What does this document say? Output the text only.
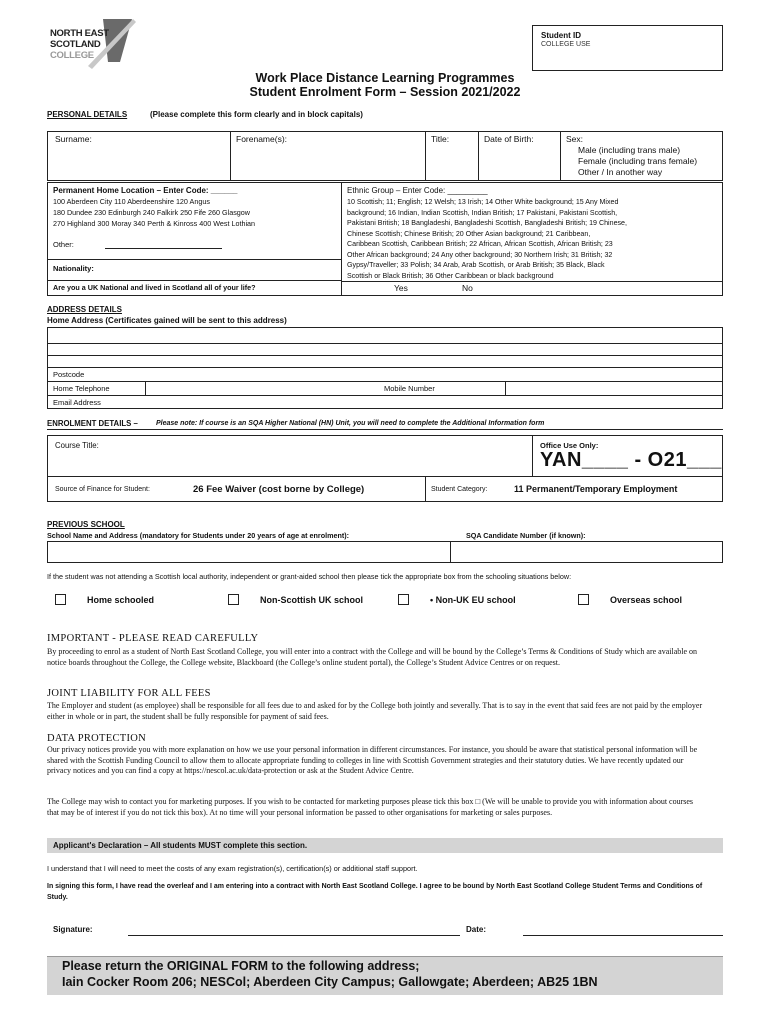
NORTH EAST
SCOTLAND
COLLEGE
Student ID
COLLEGE USE
Work Place Distance Learning Programmes
Student Enrolment Form – Session 2021/2022
PERSONAL DETAILS	(Please complete this form clearly and in block capitals)
Surname:	Forename(s):	Title:	Date of Birth:	Sex:
Male (including trans male)
Female (including trans female)
Other / In another way
Permanent Home Location – Enter Code: ______
100 Aberdeen City 110 Aberdeenshire 120 Angus
180 Dundee 230 Edinburgh 240 Falkirk 250 Fife 260 Glasgow
270 Highland 300 Moray 340 Perth & Kinross 400 West Lothian
Other:
Nationality:
Are you a UK National and lived in Scotland all of your life?
Ethnic Group – Enter Code: _________
10 Scottish; 11; English; 12 Welsh; 13 Irish; 14 Other White background; 15 Any Mixed
background; 16 Indian, Indian Scottish, Indian British; 17 Pakistani, Pakistani Scottish,
Pakistani British; 18 Bangladeshi, Bangladeshi Scottish, Bangladeshi British; 19 Chinese,
Chinese Scottish; Chinese British; 20 Other Asian background; 21 Caribbean,
Caribbean Scottish, Caribbean British; 22 African, African Scottish, African British; 23
Other African background; 24 Any other background; 30 Northern Irish; 31 British; 32
Gypsy/Traveller; 33 Polish; 34 Arab, Arab Scottish, or Arab British; 35 Black, Black
Scottish or Black British; 36 Other Caribbean or black background
Yes	No
ADDRESS DETAILS
Home Address (Certificates gained will be sent to this address)
Postcode
Home Telephone	Mobile Number
Email Address
ENROLMENT DETAILS –	Please note: If course is an SQA Higher National (HN) Unit, you will need to complete the Additional Information form
Course Title:	Office Use Only:
YAN____ - O21___
Source of Finance for Student:	26 Fee Waiver (cost borne by College)	Student Category:	11 Permanent/Temporary Employment
PREVIOUS SCHOOL
School Name and Address (mandatory for Students under 20 years of age at enrolment):	SQA Candidate Number (if known):
If the student was not attending a Scottish local authority, independent or grant-aided school then please tick the appropriate box from the schooling situations below:
Home schooled	Non-Scottish UK school	• Non-UK EU school	Overseas school
IMPORTANT - PLEASE READ CAREFULLY
By proceeding to enrol as a student of North East Scotland College, you will enter into a contract with the College and will be bound by the College’s Terms & Conditions of Study which are available on notice boards throughout the College, the College website, Blackboard (the College’s online student portal), the College’s Student Advice Centres or on request.
JOINT LIABILITY FOR ALL FEES
The Employer and student (as employee) shall be responsible for all fees due to and asked for by the College both jointly and severally. That is to say in the event that said fees are not paid by the employer either in whole or in part, the student shall be fully responsible for payment of said fees.
DATA PROTECTION
Our privacy notices provide you with more explanation on how we use your personal information in different circumstances. For instance, you should be aware that statistical personal information will be shared with the Scottish Funding Council to allow them to allocate appropriate funding to colleges in line with Scottish Government strategies and their statutory duties. We have recently updated our privacy notices and you can find a copy at https://nescol.ac.uk/data-protection or ask at the Student Advice Centre.
The College may wish to contact you for marketing purposes. If you wish to be contacted for marketing purposes please tick this box □ (We will be unable to provide you with information about courses that may be of interest if you do not tick this box). At no time will your personal information be passed to other organisations for marketing or sales purposes.
Applicant's Declaration – All students MUST complete this section.
I understand that I will need to meet the costs of any exam registration(s), certification(s) or additional staff support.
In signing this form, I have read the overleaf and I am entering into a contract with North East Scotland College. I agree to be bound by North East Scotland College Student Terms and Conditions of Study.
Signature:	Date:
Please return the ORIGINAL FORM to the following address;
Iain Cocker Room 206; NESCol; Aberdeen City Campus; Gallowgate; Aberdeen; AB25 1BN
